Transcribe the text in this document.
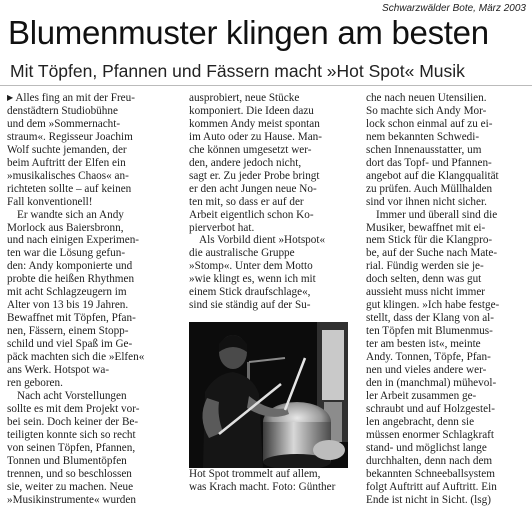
Schwarzwälder Bote, März 2003
Blumenmuster klingen am besten
Mit Töpfen, Pfannen und Fässern macht »Hot Spot« Musik
▶ Alles fing an mit der Freu-
denstädtern Studiobühne
und dem »Sommernacht-
straum«. Regisseur Joachim
Wolf suchte jemanden, der
beim Auftritt der Elfen ein
»musikalisches Chaos« an-
richteten sollte – auf keinen
Fall konventionell!
Er wandte sich an Andy
Morlock aus Baiersbronn,
und nach einigen Experimen-
ten war die Lösung gefun-
den: Andy komponierte und
probte die heißen Rhythmen
mit acht Schlagzeugern im
Alter von 13 bis 19 Jahren.
Bewaffnet mit Töpfen, Pfan-
nen, Fässern, einem Stopp-
schild und viel Spaß im Ge-
päck machten sich die »Elfen«
ans Werk. Hotspot wa-
ren geboren.
Nach acht Vorstellungen
sollte es mit dem Projekt vor-
bei sein. Doch keiner der Be-
teiligten konnte sich so recht
von seinen Töpfen, Pfannen,
Tonnen und Blumentöpfen
trennen, und so beschlossen
sie, weiter zu machen. Neue
»Musikinstrumente« wurden
ausprobiert, neue Stücke
komponiert. Die Ideen dazu
kommen Andy meist spontan
im Auto oder zu Hause. Man-
che können umgesetzt wer-
den, andere jedoch nicht,
sagt er. Zu jeder Probe bringt
er den acht Jungen neue No-
ten mit, so dass er auf der
Arbeit eigentlich schon Ko-
pierverbot hat.
Als Vorbild dient »Hotspot«
die australische Gruppe
»Stomp«. Unter dem Motto
»wie klingt es, wenn ich mit
einem Stick draufschlage«,
sind sie ständig auf der Su-
Hot Spot trommelt auf allem,
was Krach macht. Foto: Günther
che nach neuen Utensilien.
So machte sich Andy Mor-
lock schon einmal auf zu ei-
nem bekannten Schwedi-
schen Innenausstatter, um
dort das Topf- und Pfannen-
angebot auf die Klangqualität
zu prüfen. Auch Müllhalden
sind vor ihnen nicht sicher.
Immer und überall sind die
Musiker, bewaffnet mit ei-
nem Stick für die Klangpro-
be, auf der Suche nach Mate-
rial. Fündig werden sie je-
doch selten, denn was gut
aussieht muss nicht immer
gut klingen. »Ich habe festge-
stellt, dass der Klang von al-
ten Töpfen mit Blumenmus-
ter am besten ist«, meinte
Andy. Tonnen, Töpfe, Pfan-
nen und vieles andere wer-
den in (manchmal) mühevol-
ler Arbeit zusammen ge-
schraubt und auf Holzgestel-
len angebracht, denn sie
müssen enormer Schlagkraft
stand- und möglichst lange
durchhalten, denn nach dem
bekannten Schneeballsystem
folgt Auftritt auf Auftritt. Ein
Ende ist nicht in Sicht. (lsg)
